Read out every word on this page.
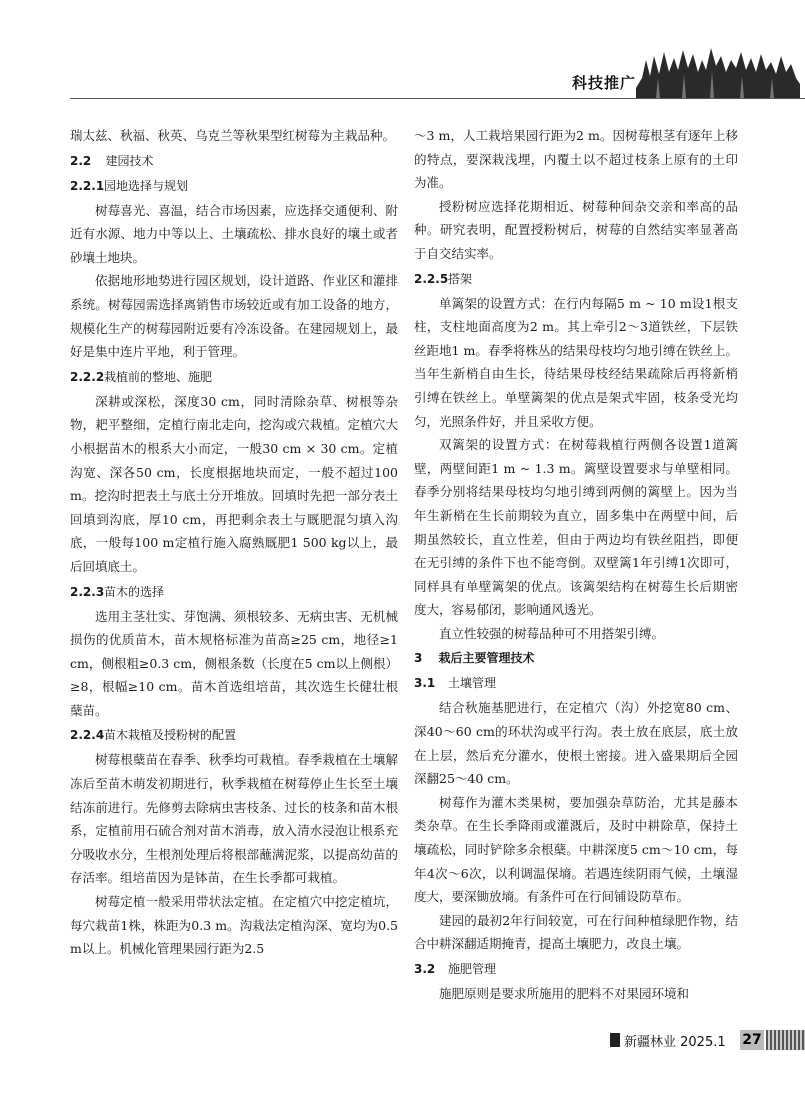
科技推广

瑞太兹、秋福、秋英、乌克兰等秋果型红树莓为主栽品种。

2.2 建园技术
2.2.1园地选择与规划

树莓喜光、喜温，结合市场因素，应选择交通便利、附近有水源、地力中等以上、土壤疏松、排水良好的壤土或者砂壤土地块。

依据地形地势进行园区规划，设计道路、作业区和灌排系统。树莓园需选择离销售市场较近或有加工设备的地方，规模化生产的树莓园附近要有冷冻设备。在建园规划上，最好是集中连片平地，利于管理。

2.2.2栽植前的整地、施肥

深耕或深松，深度30 cm，同时清除杂草、树根等杂物，耙平整细，定植行南北走向，挖沟或穴栽植。定植穴大小根据苗木的根系大小而定，一般30 cm × 30 cm。定植沟宽、深各50 cm，长度根据地块而定，一般不超过100 m。挖沟时把表土与底土分开堆放。回填时先把一部分表土回填到沟底，厚10 cm，再把剩余表土与厩肥混匀填入沟底，一般每100 m定植行施入腐熟厩肥1 500 kg以上，最后回填底土。

2.2.3苗木的选择

选用主茎壮实、芽饱满、须根较多、无病虫害、无机械损伤的优质苗木，苗木规格标准为苗高≥25 cm，地径≥1 cm，侧根粗≥0.3 cm，侧根条数（长度在5 cm以上侧根）≥8，根幅≥10 cm。苗木首选组培苗，其次选生长健壮根蘖苗。

2.2.4苗木栽植及授粉树的配置

树莓根蘖苗在春季、秋季均可栽植。春季栽植在土壤解冻后至苗木萌发初期进行，秋季栽植在树莓停止生长至土壤结冻前进行。先修剪去除病虫害枝条、过长的枝条和苗木根系，定植前用石硫合剂对苗木消毒，放入清水浸泡让根系充分吸收水分，生根剂处理后将根部蘸满泥浆，以提高幼苗的存活率。组培苗因为是钵苗，在生长季都可栽植。

树莓定植一般采用带状法定植。在定植穴中挖定植坑，每穴栽苗1株，株距为0.3 m。沟栽法定植沟深、宽均为0.5 m以上。机械化管理果园行距为2.5

～3 m，人工栽培果园行距为2 m。因树莓根茎有逐年上移的特点，要深栽浅埋，内覆土以不超过枝条上原有的土印为准。

授粉树应选择花期相近、树莓种间杂交亲和率高的品种。研究表明，配置授粉树后，树莓的自然结实率显著高于自交结实率。

2.2.5搭架

单篱架的设置方式：在行内每隔5 m ~ 10 m设1根支柱，支柱地面高度为2 m。其上牵引2～3道铁丝，下层铁丝距地1 m。春季将株丛的结果母枝均匀地引缚在铁丝上。当年生新梢自由生长，待结果母枝经结果疏除后再将新梢引缚在铁丝上。单壁篱架的优点是架式牢固，枝条受光均匀，光照条件好，并且采收方便。

双篱架的设置方式：在树莓栽植行两侧各设置1道篱壁，两壁间距1 m ~ 1.3 m。篱壁设置要求与单壁相同。春季分别将结果母枝均匀地引缚到两侧的篱壁上。因为当年生新梢在生长前期较为直立，固多集中在两壁中间，后期虽然较长，直立性差，但由于两边均有铁丝阻挡，即便在无引缚的条件下也不能弯倒。双壁篱1年引缚1次即可，同样具有单壁篱架的优点。该篱架结构在树莓生长后期密度大，容易郁闭，影响通风透光。

直立性较强的树莓品种可不用搭架引缚。

3 栽后主要管理技术
3.1 土壤管理

结合秋施基肥进行，在定植穴（沟）外挖宽80 cm、深40～60 cm的环状沟或平行沟。表土放在底层，底土放在上层，然后充分灌水，使根土密接。进入盛果期后全园深翻25～40 cm。

树莓作为灌木类果树，要加强杂草防治，尤其是藤本类杂草。在生长季降雨或灌溉后，及时中耕除草，保持土壤疏松，同时铲除多余根蘖。中耕深度5 cm～10 cm，每年4次～6次，以利调温保墒。若遇连续阴雨气候，土壤湿度大，要深锄放墒。有条件可在行间铺设防草布。

建园的最初2年行间较宽，可在行间种植绿肥作物，结合中耕深翻适期掩青，提高土壤肥力，改良土壤。

3.2 施肥管理

施肥原则是要求所施用的肥料不对果园环境和

新疆林业 2025.1 27
